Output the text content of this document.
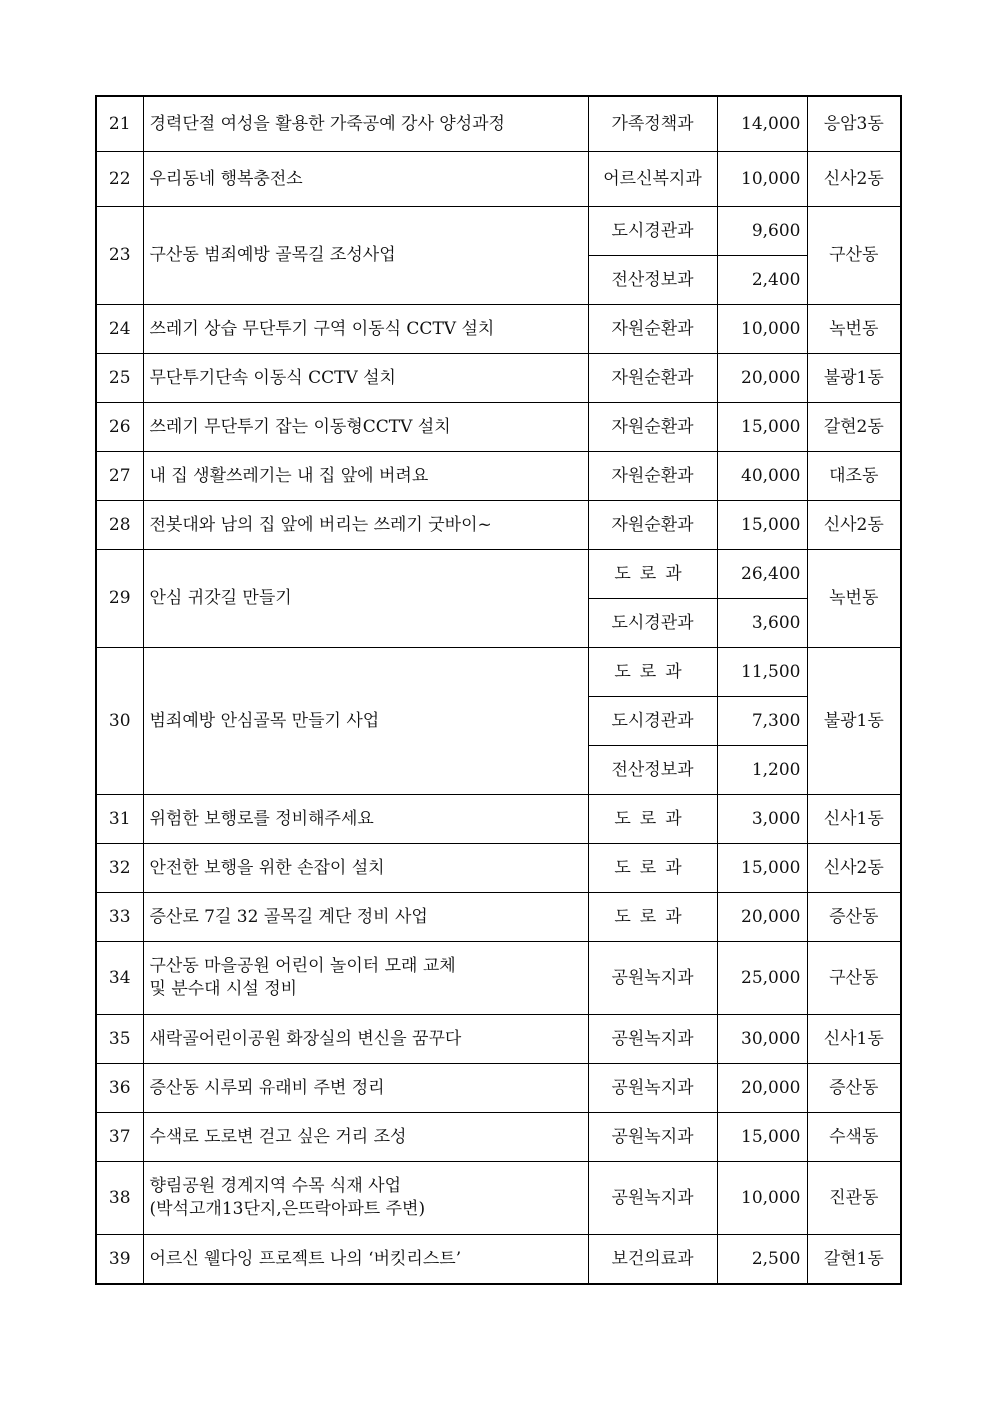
21	경력단절 여성을 활용한 가죽공예 강사 양성과정	가족정책과	14,000	응암3동
22	우리동네 행복충전소	어르신복지과	10,000	신사2동
23	구산동 범죄예방 골목길 조성사업	도시경관과	9,600	구산동
		전산정보과	2,400	
24	쓰레기 상습 무단투기 구역 이동식 CCTV 설치	자원순환과	10,000	녹번동
25	무단투기단속 이동식 CCTV 설치	자원순환과	20,000	불광1동
26	쓰레기 무단투기 잡는 이동형CCTV 설치	자원순환과	15,000	갈현2동
27	내 집 생활쓰레기는 내 집 앞에 버려요	자원순환과	40,000	대조동
28	전봇대와 남의 집 앞에 버리는 쓰레기 굿바이~	자원순환과	15,000	신사2동
29	안심 귀갓길 만들기	도로과	26,400	녹번동
		도시경관과	3,600	
30	범죄예방 안심골목 만들기 사업	도로과	11,500	불광1동
		도시경관과	7,300	
		전산정보과	1,200	
31	위험한 보행로를 정비해주세요	도로과	3,000	신사1동
32	안전한 보행을 위한 손잡이 설치	도로과	15,000	신사2동
33	증산로 7길 32 골목길 계단 정비 사업	도로과	20,000	증산동
34	구산동 마을공원 어린이 놀이터 모래 교체
및 분수대 시설 정비	공원녹지과	25,000	구산동
35	새락골어린이공원 화장실의 변신을 꿈꾸다	공원녹지과	30,000	신사1동
36	증산동 시루뫼 유래비 주변 정리	공원녹지과	20,000	증산동
37	수색로 도로변 걷고 싶은 거리 조성	공원녹지과	15,000	수색동
38	향림공원 경계지역 수목 식재 사업
(박석고개13단지,은뜨락아파트 주변)	공원녹지과	10,000	진관동
39	어르신 웰다잉 프로젝트 나의 ‘버킷리스트’	보건의료과	2,500	갈현1동
